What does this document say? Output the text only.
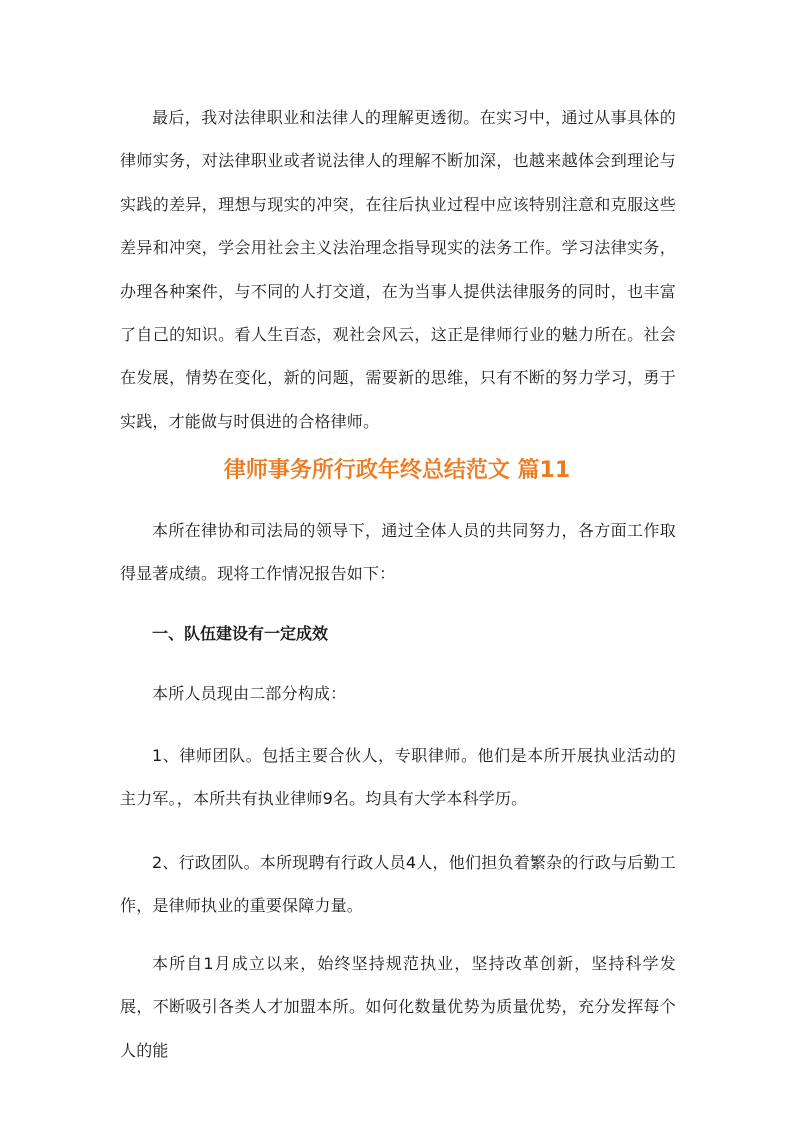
最后，我对法律职业和法律人的理解更透彻。在实习中，通过从事具体的律师实务，对法律职业或者说法律人的理解不断加深，也越来越体会到理论与实践的差异，理想与现实的冲突，在往后执业过程中应该特别注意和克服这些差异和冲突，学会用社会主义法治理念指导现实的法务工作。学习法律实务，办理各种案件，与不同的人打交道，在为当事人提供法律服务的同时，也丰富了自己的知识。看人生百态，观社会风云，这正是律师行业的魅力所在。社会在发展，情势在变化，新的问题，需要新的思维，只有不断的努力学习，勇于实践，才能做与时俱进的合格律师。

律师事务所行政年终总结范文 篇11

本所在律协和司法局的领导下，通过全体人员的共同努力，各方面工作取得显著成绩。现将工作情况报告如下：

一、队伍建设有一定成效

本所人员现由二部分构成：

1、律师团队。包括主要合伙人，专职律师。他们是本所开展执业活动的主力军。，本所共有执业律师9名。均具有大学本科学历。

2、行政团队。本所现聘有行政人员4人，他们担负着繁杂的行政与后勤工作，是律师执业的重要保障力量。

本所自1月成立以来，始终坚持规范执业，坚持改革创新，坚持科学发展，不断吸引各类人才加盟本所。如何化数量优势为质量优势，充分发挥每个人的能
